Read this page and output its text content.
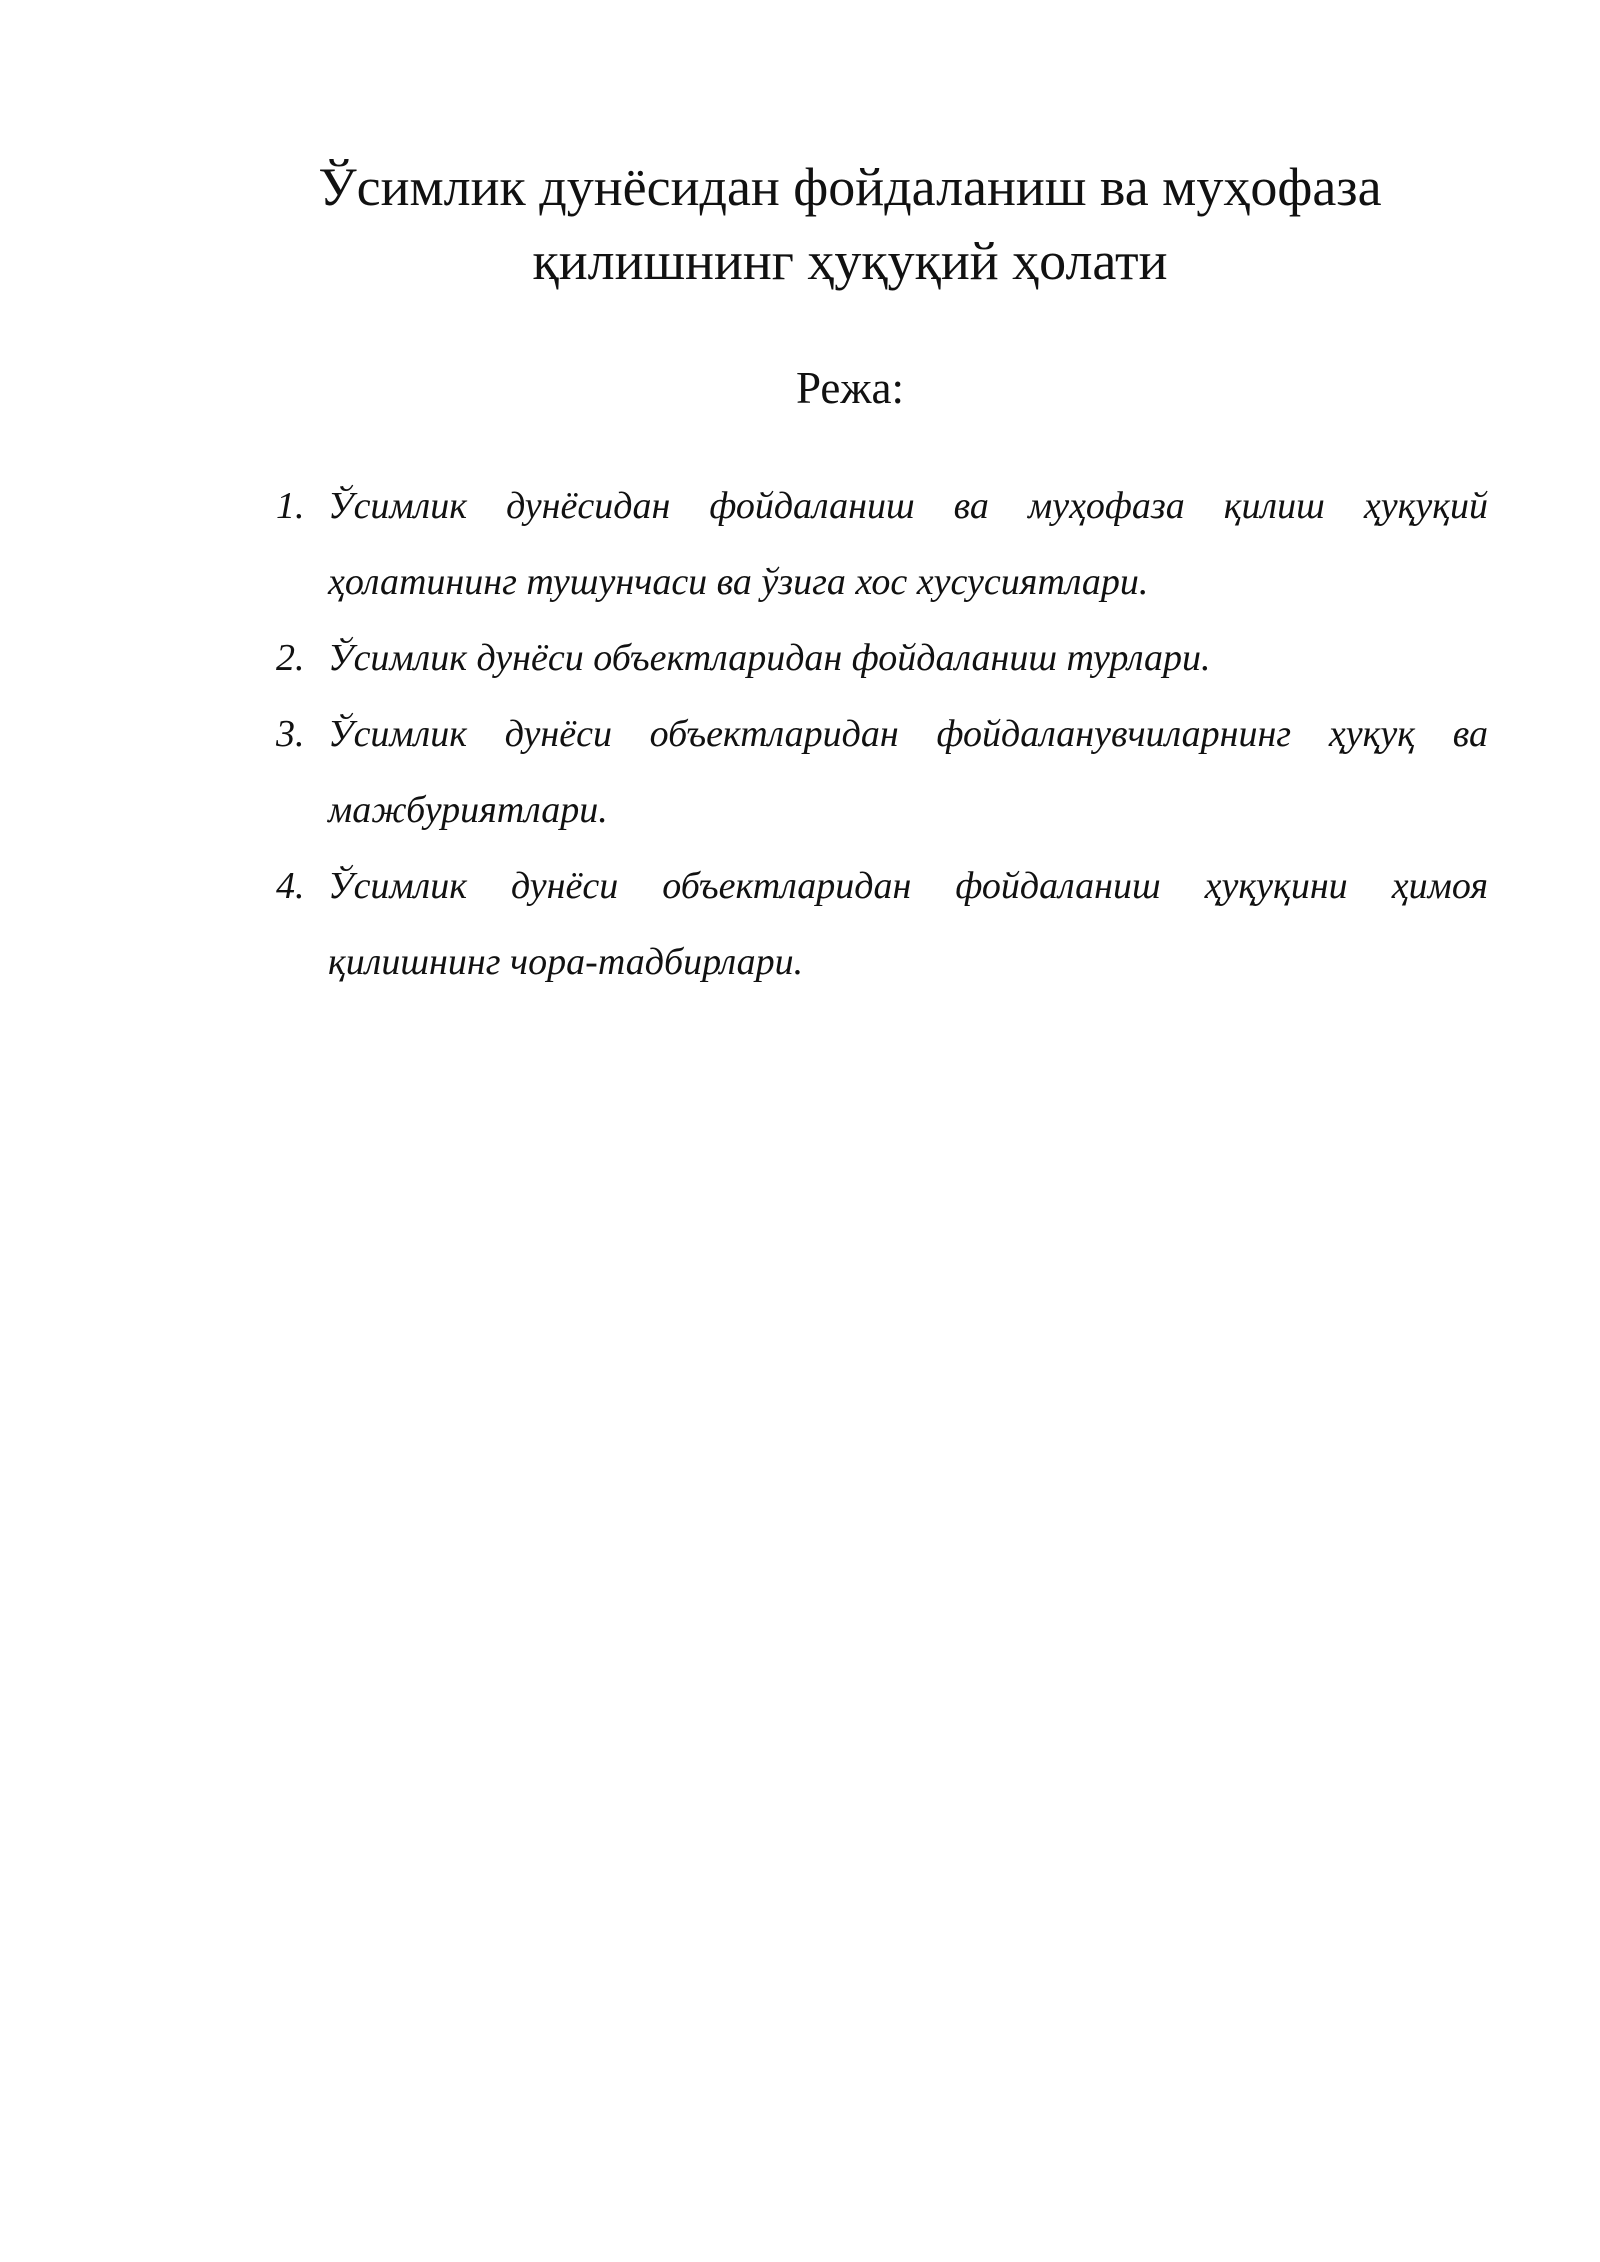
Ўсимлик дунёсидан фойдаланиш ва муҳофаза
қилишнинг ҳуқуқий ҳолати
Режа:
1. Ўсимлик дунёсидан фойдаланиш ва муҳофаза қилиш ҳуқуқий ҳолатининг тушунчаси ва ўзига хос хусусиятлари.
2. Ўсимлик дунёси объектларидан фойдаланиш турлари.
3. Ўсимлик дунёси объектларидан фойдаланувчиларнинг ҳуқуқ ва мажбуриятлари.
4. Ўсимлик дунёси объектларидан фойдаланиш ҳуқуқини ҳимоя қилишнинг чора-тадбирлари.
